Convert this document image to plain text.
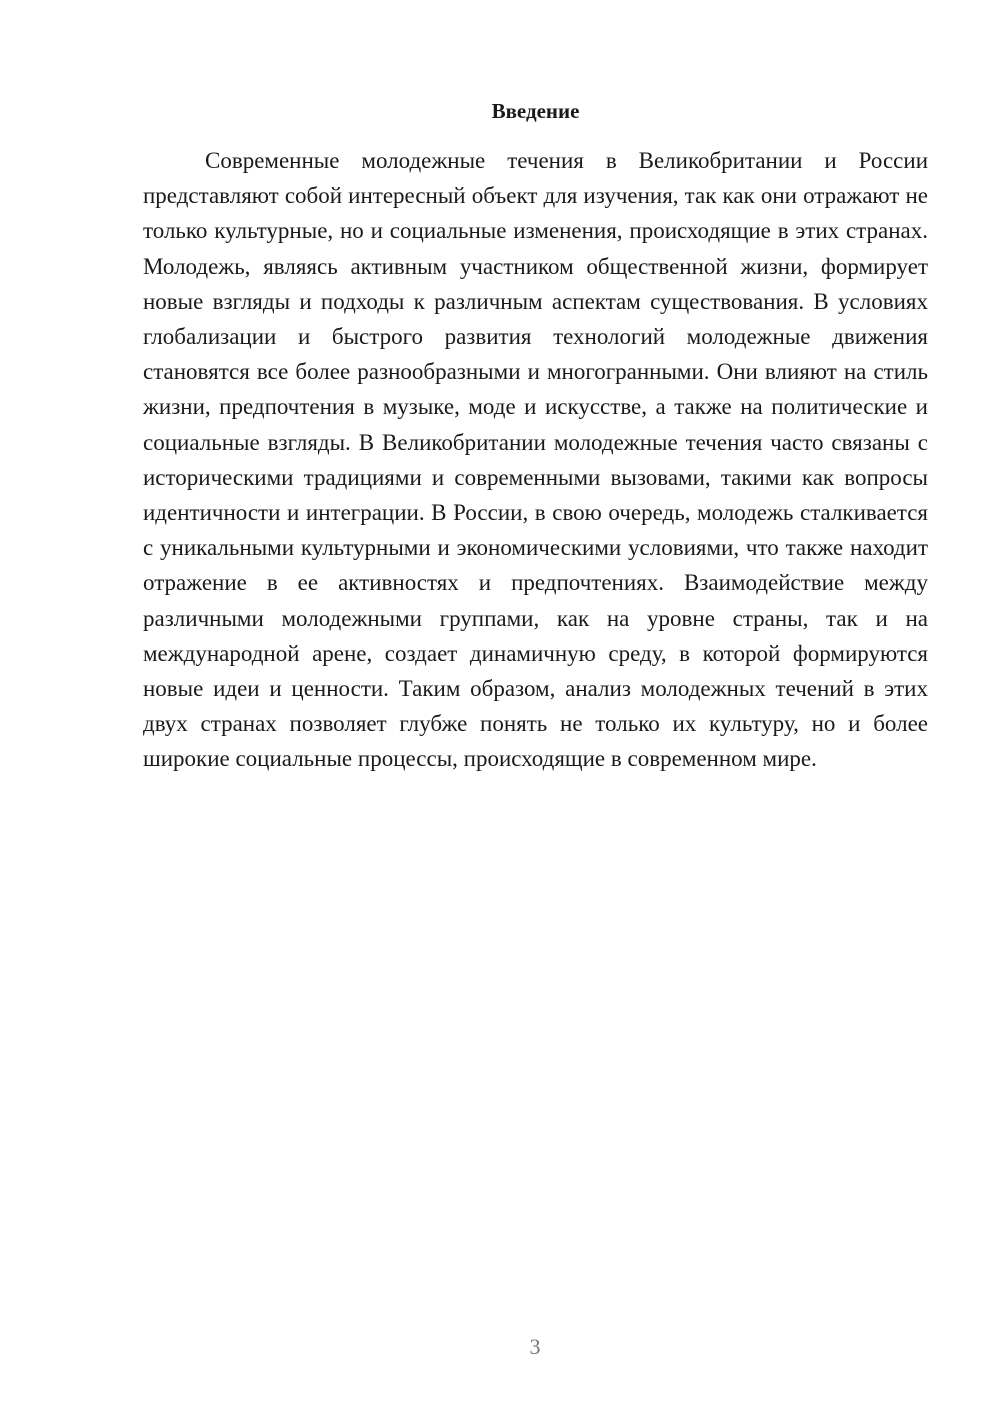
Введение

Современные молодежные течения в Великобритании и России представляют собой интересный объект для изучения, так как они отражают не только культурные, но и социальные изменения, происходящие в этих странах. Молодежь, являясь активным участником общественной жизни, формирует новые взгляды и подходы к различным аспектам существования. В условиях глобализации и быстрого развития технологий молодежные движения становятся все более разнообразными и многогранными. Они влияют на стиль жизни, предпочтения в музыке, моде и искусстве, а также на политические и социальные взгляды. В Великобритании молодежные течения часто связаны с историческими традициями и современными вызовами, такими как вопросы идентичности и интеграции. В России, в свою очередь, молодежь сталкивается с уникальными культурными и экономическими условиями, что также находит отражение в ее активностях и предпочтениях. Взаимодействие между различными молодежными группами, как на уровне страны, так и на международной арене, создает динамичную среду, в которой формируются новые идеи и ценности. Таким образом, анализ молодежных течений в этих двух странах позволяет глубже понять не только их культуру, но и более широкие социальные процессы, происходящие в современном мире.

3
